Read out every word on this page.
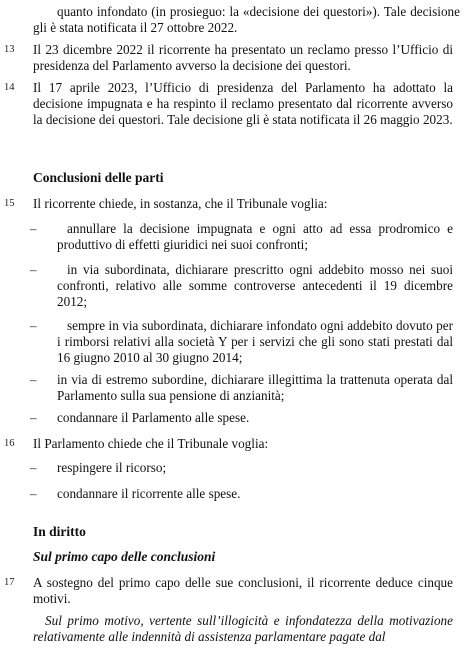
quanto infondato (in prosieguo: la «decisione dei questori»). Tale decisione gli è stata notificata il 27 ottobre 2022.

13	Il 23 dicembre 2022 il ricorrente ha presentato un reclamo presso l’Ufficio di presidenza del Parlamento avverso la decisione dei questori.

14	Il 17 aprile 2023, l’Ufficio di presidenza del Parlamento ha adottato la decisione impugnata e ha respinto il reclamo presentato dal ricorrente avverso la decisione dei questori. Tale decisione gli è stata notificata il 26 maggio 2023.

Conclusioni delle parti
15	Il ricorrente chiede, in sostanza, che il Tribunale voglia:

–	annullare la decisione impugnata e ogni atto ad essa prodromico e produttivo di effetti giuridici nei suoi confronti;

–	in via subordinata, dichiarare prescritto ogni addebito mosso nei suoi confronti, relativo alle somme controverse antecedenti il 19 dicembre 2012;

–	sempre in via subordinata, dichiarare infondato ogni addebito dovuto per i rimborsi relativi alla società Y per i servizi che gli sono stati prestati dal 16 giugno 2010 al 30 giugno 2014;

–	in via di estremo subordine, dichiarare illegittima la trattenuta operata dal Parlamento sulla sua pensione di anzianità;

–	condannare il Parlamento alle spese.

16	Il Parlamento chiede che il Tribunale voglia:

–	respingere il ricorso;

–	condannare il ricorrente alle spese.

In diritto
Sul primo capo delle conclusioni
17	A sostegno del primo capo delle sue conclusioni, il ricorrente deduce cinque motivi.

Sul primo motivo, vertente sull’illogicità e infondatezza della motivazione relativamente alle indennità di assistenza parlamentare pagate dal
